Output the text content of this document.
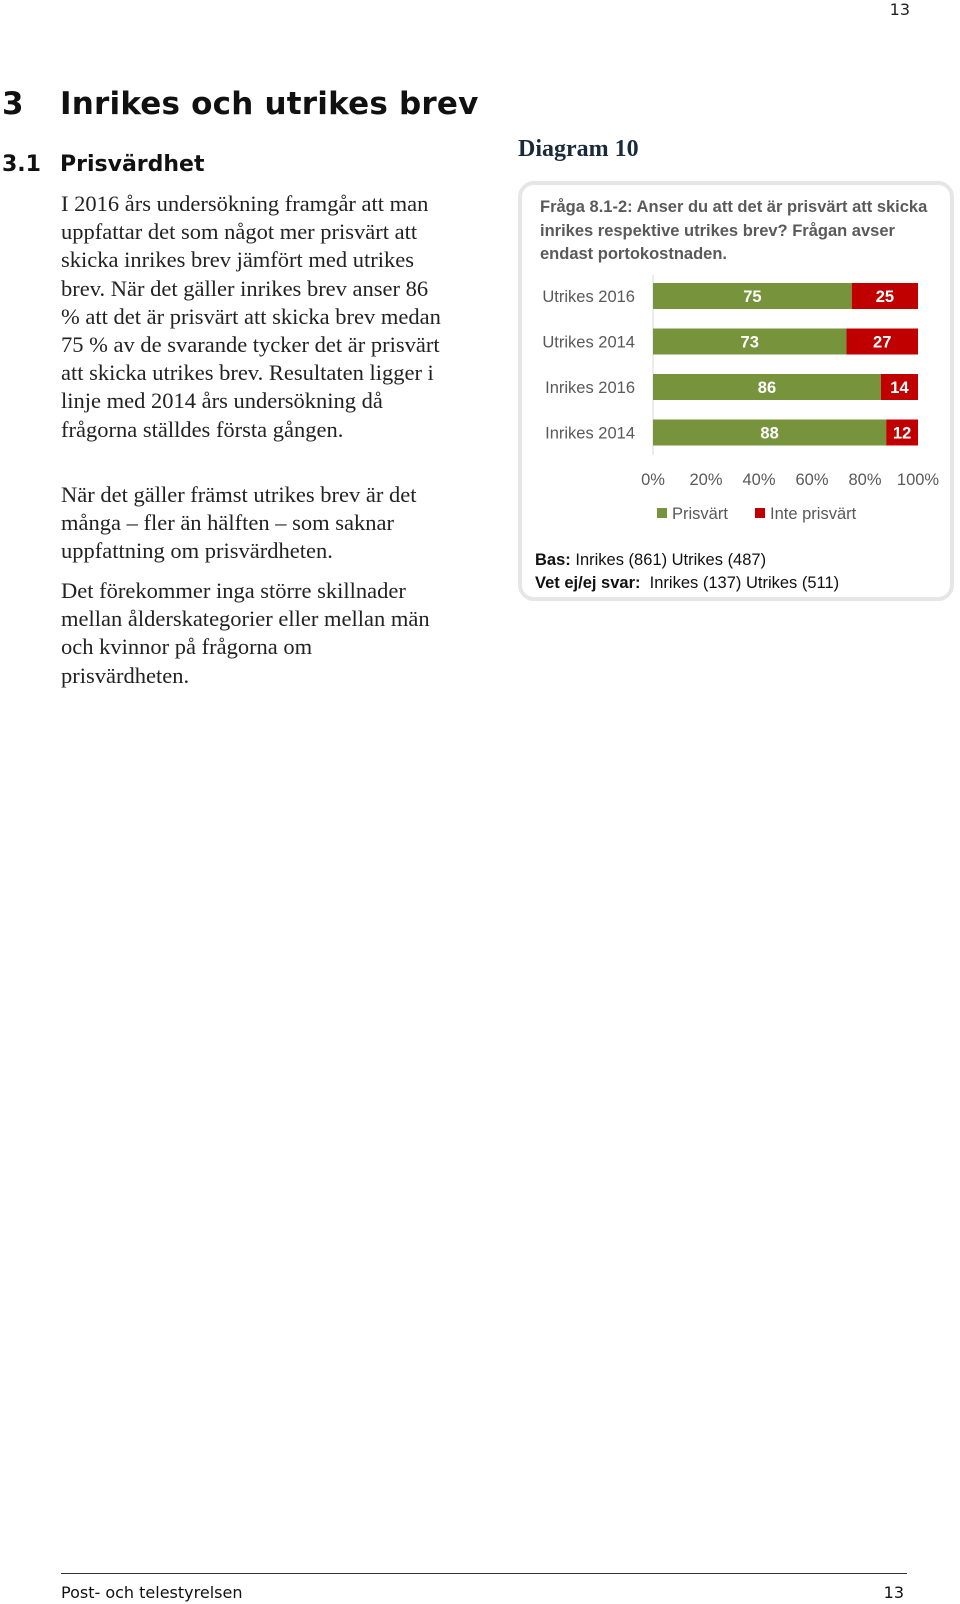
13
3 Inrikes och utrikes brev
3.1 Prisvärdhet

I 2016 års undersökning framgår att man uppfattar det som något mer prisvärt att skicka inrikes brev jämfört med utrikes brev. När det gäller inrikes brev anser 86 % att det är prisvärt att skicka brev medan 75 % av de svarande tycker det är prisvärt att skicka utrikes brev. Resultaten ligger i linje med 2014 års undersökning då frågorna ställdes första gången.

När det gäller främst utrikes brev är det många – fler än hälften – som saknar uppfattning om prisvärdheten.

Det förekommer inga större skillnader mellan ålderskategorier eller mellan män och kvinnor på frågorna om prisvärdheten.

Diagram 10

Fråga 8.1-2: Anser du att det är prisvärt att skicka inrikes respektive utrikes brev? Frågan avser endast portokostnaden.

Utrikes 2016	75	25
Utrikes 2014	73	27
Inrikes 2016	86	14
Inrikes 2014	88	12
0% 20% 40% 60% 80% 100%
Prisvärt	Inte prisvärt

Bas: Inrikes (861) Utrikes (487)

Vet ej/ej svar: Inrikes (137) Utrikes (511)

Post- och telestyrelsen	13
